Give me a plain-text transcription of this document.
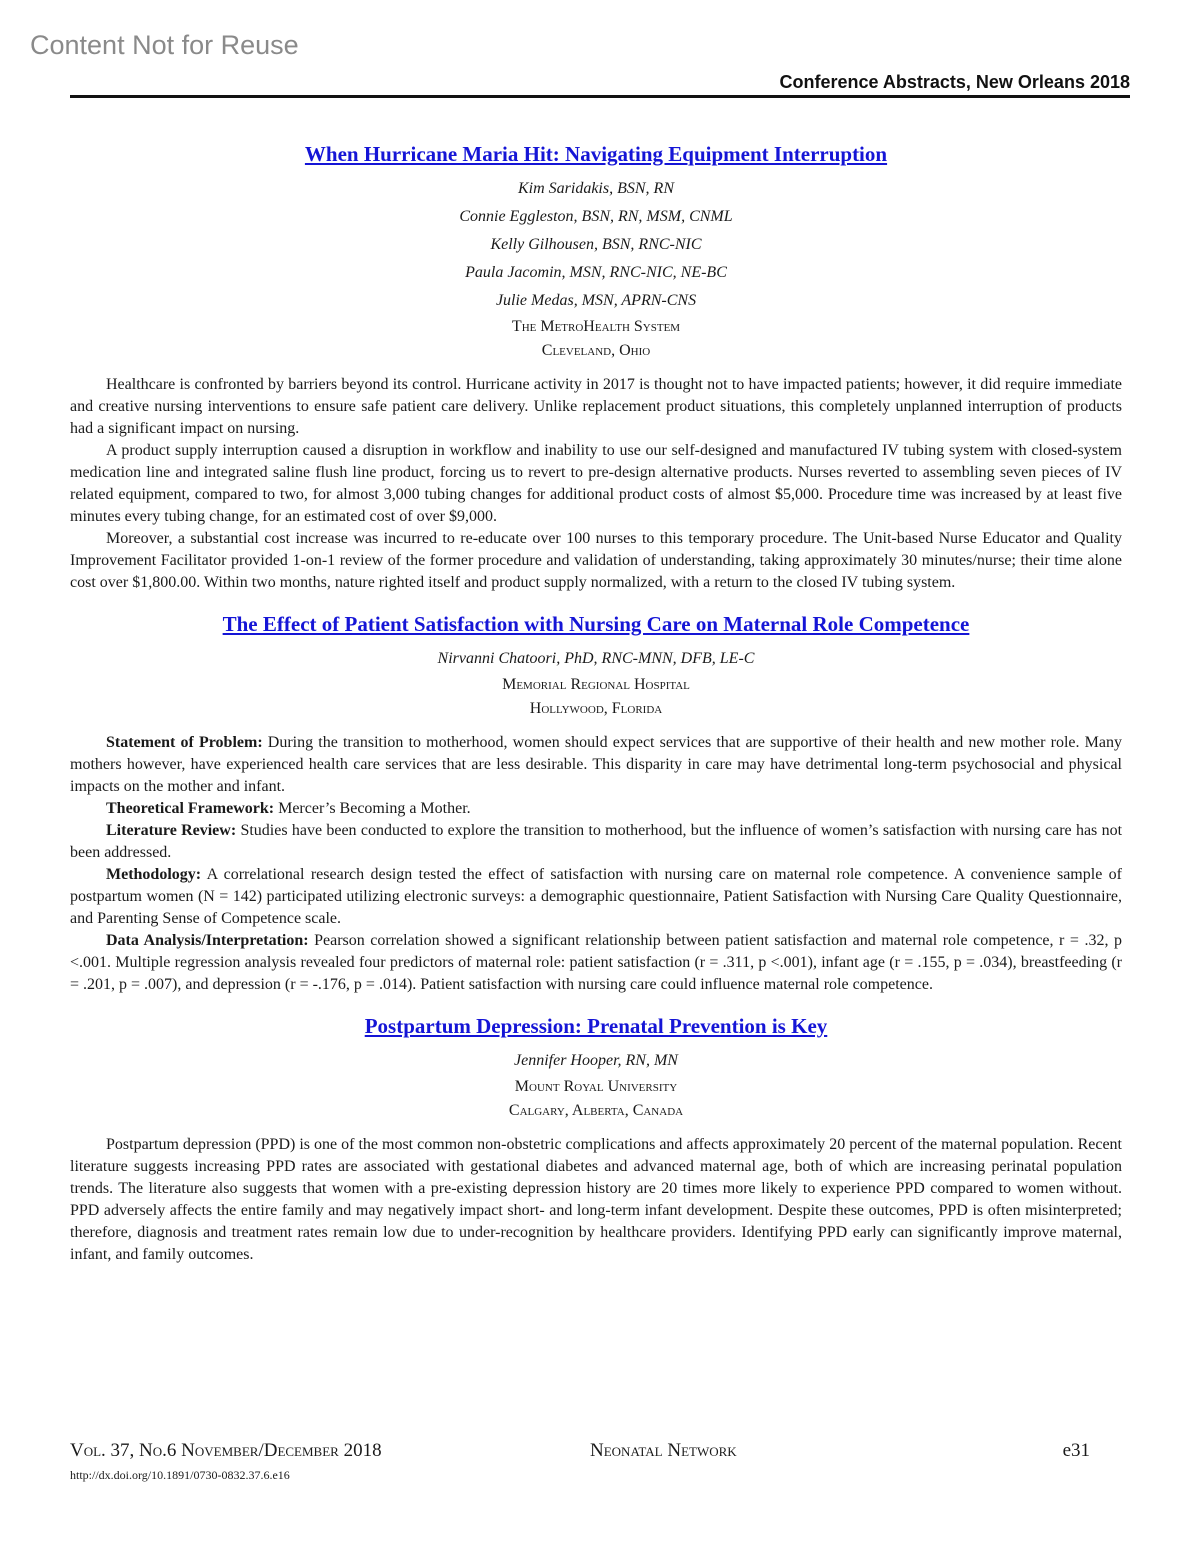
Content Not for Reuse
Conference Abstracts, New Orleans 2018
When Hurricane Maria Hit: Navigating Equipment Interruption
Kim Saridakis, BSN, RN
Connie Eggleston, BSN, RN, MSM, CNML
Kelly Gilhousen, BSN, RNC-NIC
Paula Jacomin, MSN, RNC-NIC, NE-BC
Julie Medas, MSN, APRN-CNS
The MetroHealth System
Cleveland, Ohio

Healthcare is confronted by barriers beyond its control. Hurricane activity in 2017 is thought not to have impacted patients; however, it did require immediate and creative nursing interventions to ensure safe patient care delivery. Unlike replacement product situations, this completely unplanned interruption of products had a significant impact on nursing.

A product supply interruption caused a disruption in workflow and inability to use our self-designed and manufactured IV tubing system with closed-system medication line and integrated saline flush line product, forcing us to revert to pre-design alternative products. Nurses reverted to assembling seven pieces of IV related equipment, compared to two, for almost 3,000 tubing changes for additional product costs of almost $5,000. Procedure time was increased by at least five minutes every tubing change, for an estimated cost of over $9,000.

Moreover, a substantial cost increase was incurred to re-educate over 100 nurses to this temporary procedure. The Unit-based Nurse Educator and Quality Improvement Facilitator provided 1-on-1 review of the former procedure and validation of understanding, taking approximately 30 minutes/nurse; their time alone cost over $1,800.00. Within two months, nature righted itself and product supply normalized, with a return to the closed IV tubing system.

The Effect of Patient Satisfaction with Nursing Care on Maternal Role Competence
Nirvanni Chatoori, PhD, RNC-MNN, DFB, LE-C
Memorial Regional Hospital
Hollywood, Florida

Statement of Problem: During the transition to motherhood, women should expect services that are supportive of their health and new mother role. Many mothers however, have experienced health care services that are less desirable. This disparity in care may have detrimental long-term psychosocial and physical impacts on the mother and infant.

Theoretical Framework: Mercer’s Becoming a Mother.

Literature Review: Studies have been conducted to explore the transition to motherhood, but the influence of women’s satisfaction with nursing care has not been addressed.

Methodology: A correlational research design tested the effect of satisfaction with nursing care on maternal role competence. A convenience sample of postpartum women (N = 142) participated utilizing electronic surveys: a demographic questionnaire, Patient Satisfaction with Nursing Care Quality Questionnaire, and Parenting Sense of Competence scale.

Data Analysis/Interpretation: Pearson correlation showed a significant relationship between patient satisfaction and maternal role competence, r = .32, p <.001. Multiple regression analysis revealed four predictors of maternal role: patient satisfaction (r = .311, p <.001), infant age (r = .155, p = .034), breastfeeding (r = .201, p = .007), and depression (r = -.176, p = .014). Patient satisfaction with nursing care could influence maternal role competence.

Postpartum Depression: Prenatal Prevention is Key
Jennifer Hooper, RN, MN
Mount Royal University
Calgary, Alberta, Canada

Postpartum depression (PPD) is one of the most common non-obstetric complications and affects approximately 20 percent of the maternal population. Recent literature suggests increasing PPD rates are associated with gestational diabetes and advanced maternal age, both of which are increasing perinatal population trends. The literature also suggests that women with a pre-existing depression history are 20 times more likely to experience PPD compared to women without. PPD adversely affects the entire family and may negatively impact short- and long-term infant development. Despite these outcomes, PPD is often misinterpreted; therefore, diagnosis and treatment rates remain low due to under-recognition by healthcare providers. Identifying PPD early can significantly improve maternal, infant, and family outcomes.

Vol. 37, No.6 November/December 2018	Neonatal Network	e31
http://dx.doi.org/10.1891/0730-0832.37.6.e16
